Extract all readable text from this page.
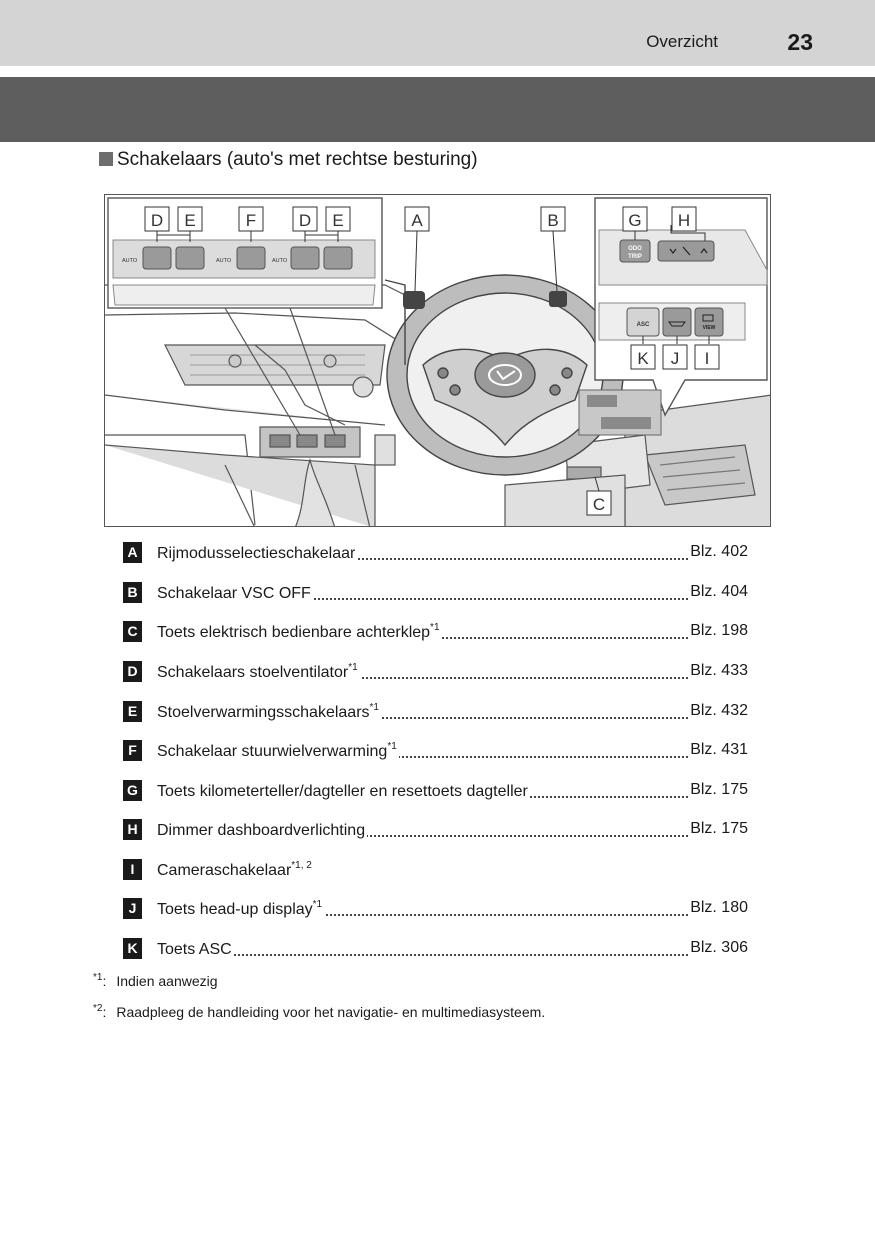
Overzicht	23
Schakelaars (auto's met rechtse besturing)
AUTO	AUTO	AUTO
D E	F	D E	A	B
ODO
TRIP
ASC	VIEW
G H
K J I
C
A Rijmodusselectieschakelaar	Blz. 402
B Schakelaar VSC OFF	Blz. 404
C Toets elektrisch bedienbare achterklep$^{*1}$	Blz. 198
D Schakelaars stoelventilator$^{*1}$	Blz. 433
E	Stoelverwarmingsschakelaars$^{*1}$	Blz. 432
F	Schakelaar stuurwielverwarming$^{*1}$	Blz. 431
G Toets kilometerteller/dagteller en resettoets dagteller	Blz. 175
H Dimmer dashboardverlichting	Blz. 175
I	Cameraschakelaar$^{*1, 2}$
J	Toets head-up display$^{*1}$	Blz. 180
K Toets ASC	Blz. 306
$^{*1}$: Indien aanwezig
$^{*2}$: Raadpleeg de handleiding voor het navigatie- en multimediasysteem.
